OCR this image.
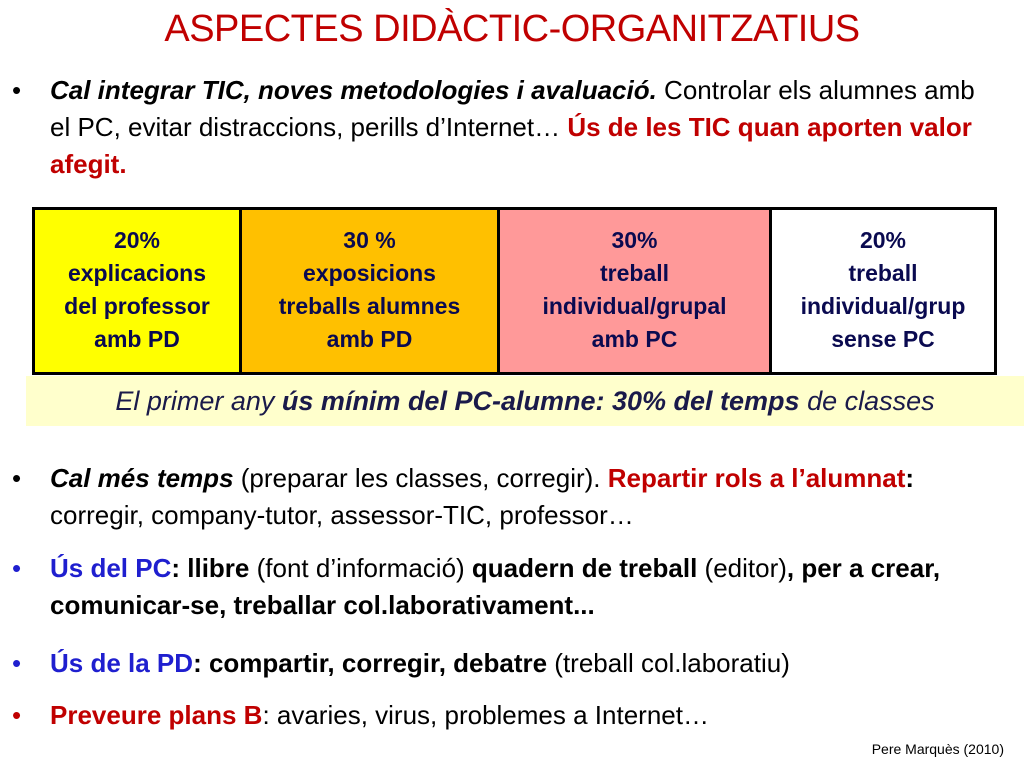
ASPECTES DIDÀCTIC-ORGANITZATIUS
• Cal integrar TIC, noves metodologies i avaluació. Controlar els alumnes amb el PC, evitar distraccions, perills d’Internet… Ús de les TIC quan aporten valor afegit.
20%
explicacions
del professor
amb PD
30 %
exposicions
treballs alumnes
amb PD
30%
treball
individual/grupal
amb PC
20%
treball
individual/grup
sense PC
El primer any ús mínim del PC-alumne: 30% del temps de classes
• Cal més temps (preparar les classes, corregir). Repartir rols a l’alumnat: corregir, company-tutor, assessor-TIC, professor…
• Ús del PC: llibre (font d’informació) quadern de treball (editor), per a crear, comunicar-se, treballar col.laborativament...
• Ús de la PD: compartir, corregir, debatre (treball col.laboratiu)
• Preveure plans B: avaries, virus, problemes a Internet…
Pere Marquès (2010)
